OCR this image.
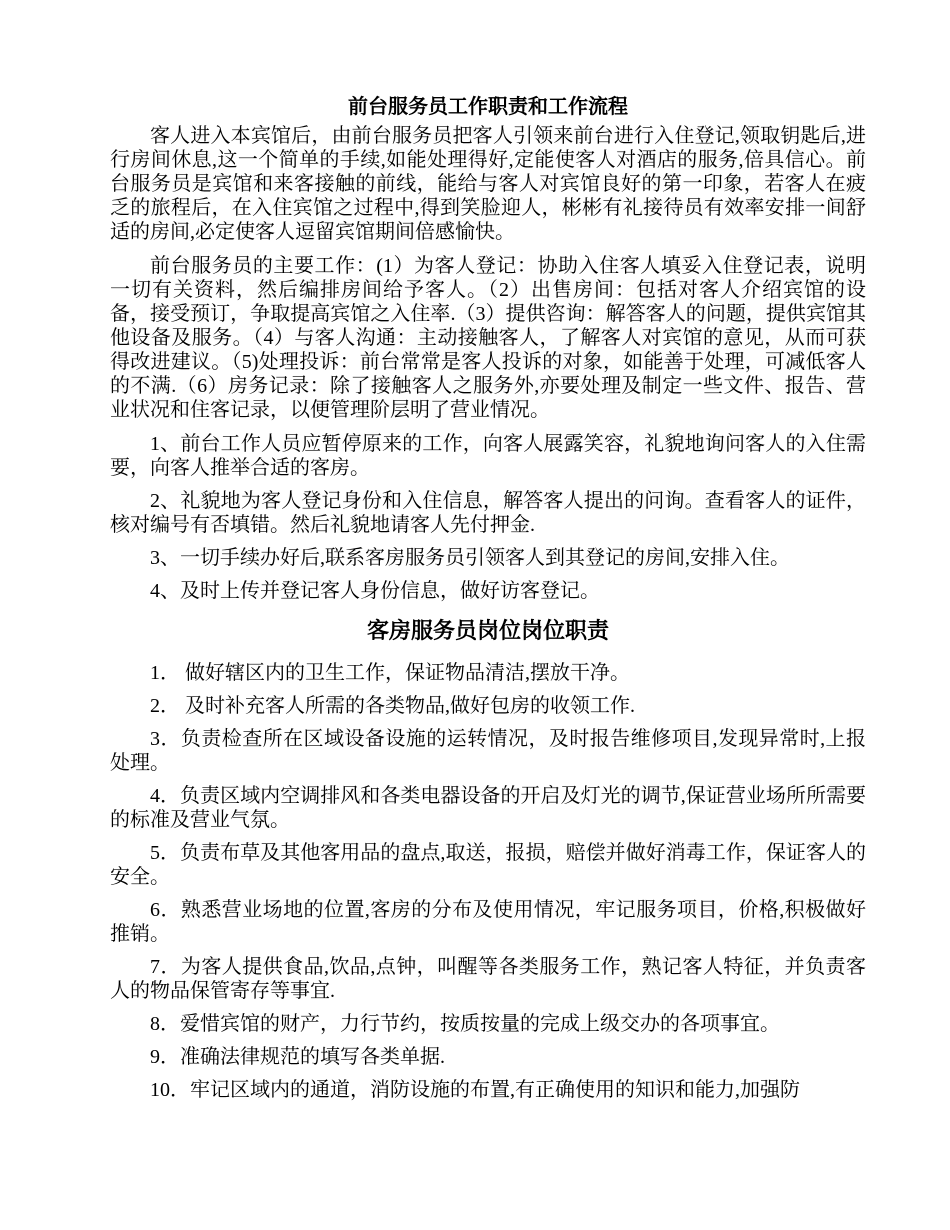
前台服务员工作职责和工作流程

客人进入本宾馆后，由前台服务员把客人引领来前台进行入住登记,领取钥匙后,进行房间休息,这一个简单的手续,如能处理得好,定能使客人对酒店的服务,倍具信心。前台服务员是宾馆和来客接触的前线，能给与客人对宾馆良好的第一印象，若客人在疲乏的旅程后，在入住宾馆之过程中,得到笑脸迎人，彬彬有礼接待员有效率安排一间舒适的房间,必定使客人逗留宾馆期间倍感愉快。

前台服务员的主要工作：(1）为客人登记：协助入住客人填妥入住登记表，说明一切有关资料，然后编排房间给予客人。（2）出售房间：包括对客人介绍宾馆的设备，接受预订，争取提高宾馆之入住率.（3）提供咨询：解答客人的问题，提供宾馆其他设备及服务。（4）与客人沟通：主动接触客人，了解客人对宾馆的意见，从而可获得改进建议。（5)处理投诉：前台常常是客人投诉的对象，如能善于处理，可减低客人的不满.（6）房务记录：除了接触客人之服务外,亦要处理及制定一些文件、报告、营业状况和住客记录，以便管理阶层明了营业情况。

1、前台工作人员应暂停原来的工作，向客人展露笑容，礼貌地询问客人的入住需要，向客人推举合适的客房。

2、礼貌地为客人登记身份和入住信息，解答客人提出的问询。查看客人的证件，核对编号有否填错。然后礼貌地请客人先付押金.

3、一切手续办好后,联系客房服务员引领客人到其登记的房间,安排入住。

4、及时上传并登记客人身份信息，做好访客登记。

客房服务员岗位岗位职责

1． 做好辖区内的卫生工作，保证物品清洁,摆放干净。

2． 及时补充客人所需的各类物品,做好包房的收领工作.

3．负责检查所在区域设备设施的运转情况，及时报告维修项目,发现异常时,上报处理。

4．负责区域内空调排风和各类电器设备的开启及灯光的调节,保证营业场所所需要的标准及营业气氛。

5．负责布草及其他客用品的盘点,取送，报损，赔偿并做好消毒工作，保证客人的安全。

6．熟悉营业场地的位置,客房的分布及使用情况，牢记服务项目，价格,积极做好推销。

7．为客人提供食品,饮品,点钟，叫醒等各类服务工作，熟记客人特征，并负责客人的物品保管寄存等事宜.

8．爱惜宾馆的财产，力行节约，按质按量的完成上级交办的各项事宜。

9．准确法律规范的填写各类单据.

10．牢记区域内的通道，消防设施的布置,有正确使用的知识和能力,加强防
